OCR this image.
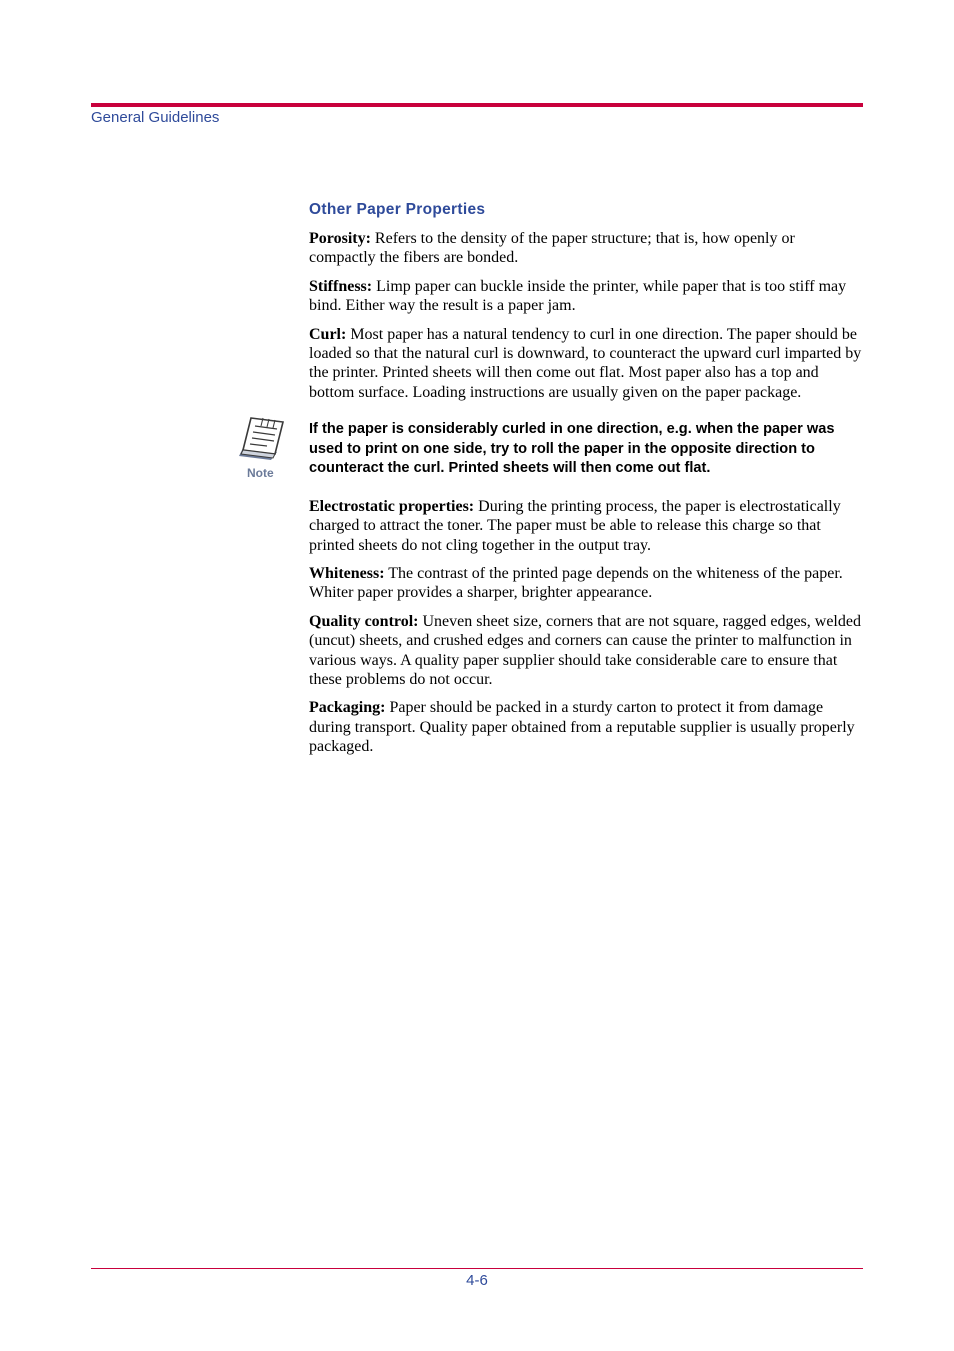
General Guidelines
Other Paper Properties

Porosity: Refers to the density of the paper structure; that is, how openly or compactly the fibers are bonded.

Stiffness: Limp paper can buckle inside the printer, while paper that is too stiff may bind. Either way the result is a paper jam.

Curl: Most paper has a natural tendency to curl in one direction. The paper should be loaded so that the natural curl is downward, to counteract the upward curl imparted by the printer. Printed sheets will then come out flat. Most paper also has a top and bottom surface. Loading instructions are usually given on the paper package.

Note
If the paper is considerably curled in one direction, e.g. when the paper was used to print on one side, try to roll the paper in the opposite direction to counteract the curl. Printed sheets will then come out flat.

Electrostatic properties: During the printing process, the paper is electrostatically charged to attract the toner. The paper must be able to release this charge so that printed sheets do not cling together in the output tray.

Whiteness: The contrast of the printed page depends on the whiteness of the paper. Whiter paper provides a sharper, brighter appearance.

Quality control: Uneven sheet size, corners that are not square, ragged edges, welded (uncut) sheets, and crushed edges and corners can cause the printer to malfunction in various ways. A quality paper supplier should take considerable care to ensure that these problems do not occur.

Packaging: Paper should be packed in a sturdy carton to protect it from damage during transport. Quality paper obtained from a reputable supplier is usually properly packaged.

4-6
